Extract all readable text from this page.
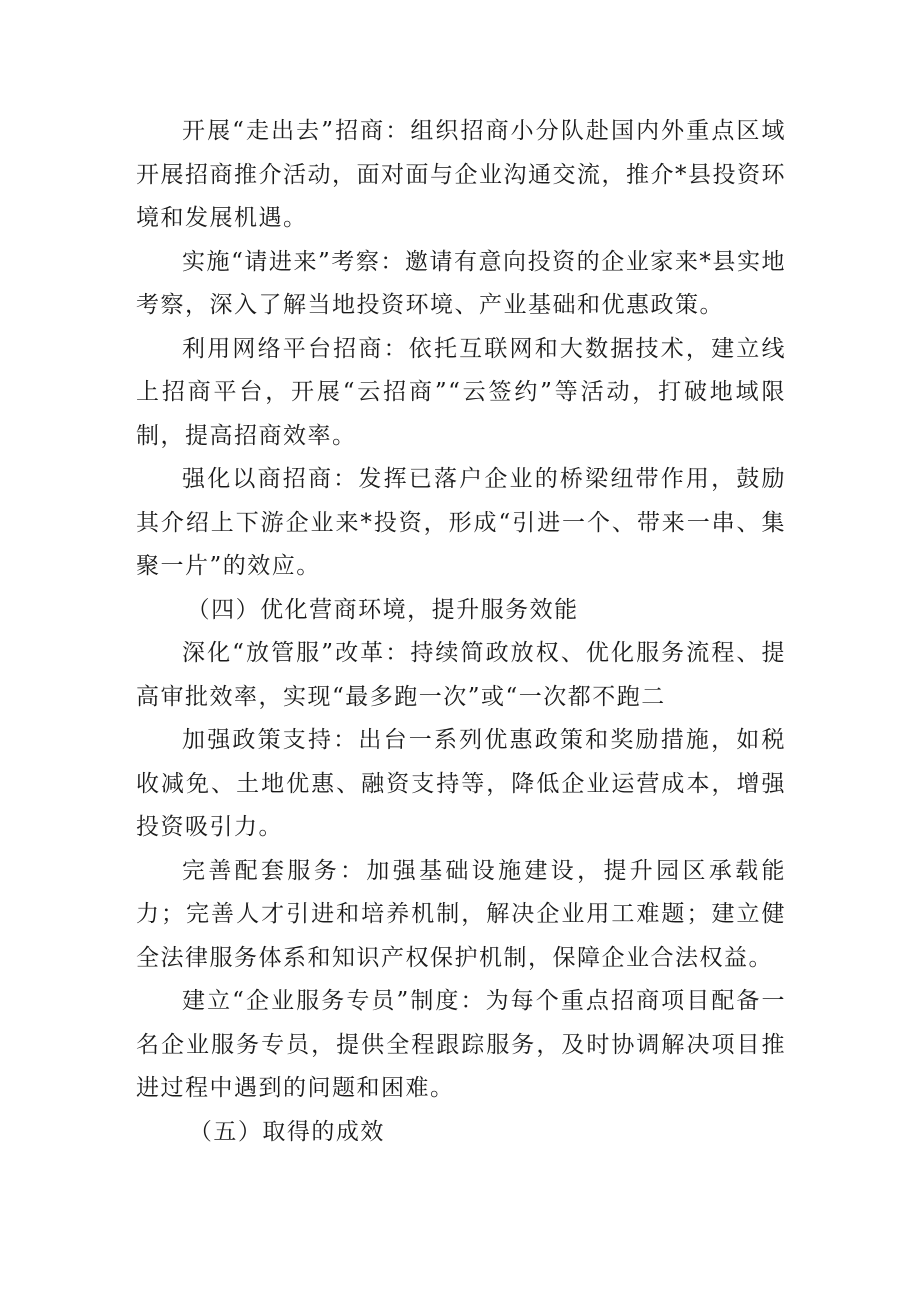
开展“走出去”招商：组织招商小分队赴国内外重点区域开展招商推介活动，面对面与企业沟通交流，推介*县投资环境和发展机遇。

实施“请进来”考察：邀请有意向投资的企业家来*县实地考察，深入了解当地投资环境、产业基础和优惠政策。

利用网络平台招商：依托互联网和大数据技术，建立线上招商平台，开展“云招商”“云签约”等活动，打破地域限制，提高招商效率。

强化以商招商：发挥已落户企业的桥梁纽带作用，鼓励其介绍上下游企业来*投资，形成“引进一个、带来一串、集聚一片”的效应。

（四）优化营商环境，提升服务效能

深化“放管服”改革：持续简政放权、优化服务流程、提高审批效率，实现“最多跑一次”或“一次都不跑二

加强政策支持：出台一系列优惠政策和奖励措施，如税收减免、土地优惠、融资支持等，降低企业运营成本，增强投资吸引力。

完善配套服务：加强基础设施建设，提升园区承载能力；完善人才引进和培养机制，解决企业用工难题；建立健全法律服务体系和知识产权保护机制，保障企业合法权益。

建立“企业服务专员”制度：为每个重点招商项目配备一名企业服务专员，提供全程跟踪服务，及时协调解决项目推进过程中遇到的问题和困难。

（五）取得的成效
